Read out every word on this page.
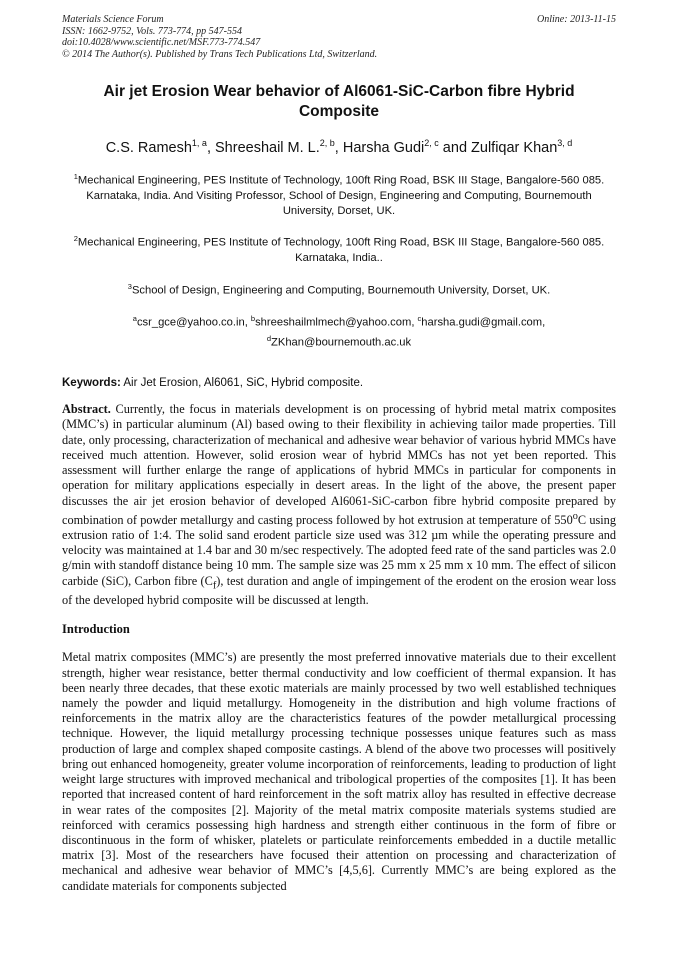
Materials Science Forum	Online: 2013-11-15
ISSN: 1662-9752, Vols. 773-774, pp 547-554
doi:10.4028/www.scientific.net/MSF.773-774.547
© 2014 The Author(s). Published by Trans Tech Publications Ltd, Switzerland.
Air jet Erosion Wear behavior of Al6061-SiC-Carbon fibre Hybrid Composite
C.S. Ramesh$^{1, a}$, Shreeshail M. L.$^{2, b}$, Harsha Gudi$^{2, c}$ and Zulfiqar Khan$^{3, d}$
$^1$Mechanical Engineering, PES Institute of Technology, 100ft Ring Road, BSK III Stage, Bangalore-560 085. Karnataka, India. And Visiting Professor, School of Design, Engineering and Computing, Bournemouth University, Dorset, UK.
$^2$Mechanical Engineering, PES Institute of Technology, 100ft Ring Road, BSK III Stage, Bangalore-560 085. Karnataka, India..
$^3$School of Design, Engineering and Computing, Bournemouth University, Dorset, UK.
$^a$csr_gce@yahoo.co.in, $^b$shreeshailmlmech@yahoo.com, $^c$harsha.gudi@gmail.com,
$^d$ZKhan@bournemouth.ac.uk
Keywords: Air Jet Erosion, Al6061, SiC, Hybrid composite.
Abstract. Currently, the focus in materials development is on processing of hybrid metal matrix composites (MMC’s) in particular aluminum (Al) based owing to their flexibility in achieving tailor made properties. Till date, only processing, characterization of mechanical and adhesive wear behavior of various hybrid MMCs have received much attention. However, solid erosion wear of hybrid MMCs has not yet been reported. This assessment will further enlarge the range of applications of hybrid MMCs in particular for components in operation for military applications especially in desert areas. In the light of the above, the present paper discusses the air jet erosion behavior of developed Al6061-SiC-carbon fibre hybrid composite prepared by combination of powder metallurgy and casting process followed by hot extrusion at temperature of 550$^o$C using extrusion ratio of 1:4. The solid sand erodent particle size used was 312 µm while the operating pressure and velocity was maintained at 1.4 bar and 30 m/sec respectively. The adopted feed rate of the sand particles was 2.0 g/min with standoff distance being 10 mm. The sample size was 25 mm x 25 mm x 10 mm. The effect of silicon carbide (SiC), Carbon fibre $(C_f)$, test duration and angle of impingement of the erodent on the erosion wear loss of the developed hybrid composite will be discussed at length.
Introduction
Metal matrix composites (MMC’s) are presently the most preferred innovative materials due to their excellent strength, higher wear resistance, better thermal conductivity and low coefficient of thermal expansion. It has been nearly three decades, that these exotic materials are mainly processed by two well established techniques namely the powder and liquid metallurgy. Homogeneity in the distribution and high volume fractions of reinforcements in the matrix alloy are the characteristics features of the powder metallurgical processing technique. However, the liquid metallurgy processing technique possesses unique features such as mass production of large and complex shaped composite castings. A blend of the above two processes will positively bring out enhanced homogeneity, greater volume incorporation of reinforcements, leading to production of light weight large structures with improved mechanical and tribological properties of the composites [1]. It has been reported that increased content of hard reinforcement in the soft matrix alloy has resulted in effective decrease in wear rates of the composites [2]. Majority of the metal matrix composite materials systems studied are reinforced with ceramics possessing high hardness and strength either continuous in the form of fibre or discontinuous in the form of whisker, platelets or particulate reinforcements embedded in a ductile metallic matrix [3]. Most of the researchers have focused their attention on processing and characterization of mechanical and adhesive wear behavior of MMC’s [4,5,6]. Currently MMC’s are being explored as the candidate materials for components subjected
